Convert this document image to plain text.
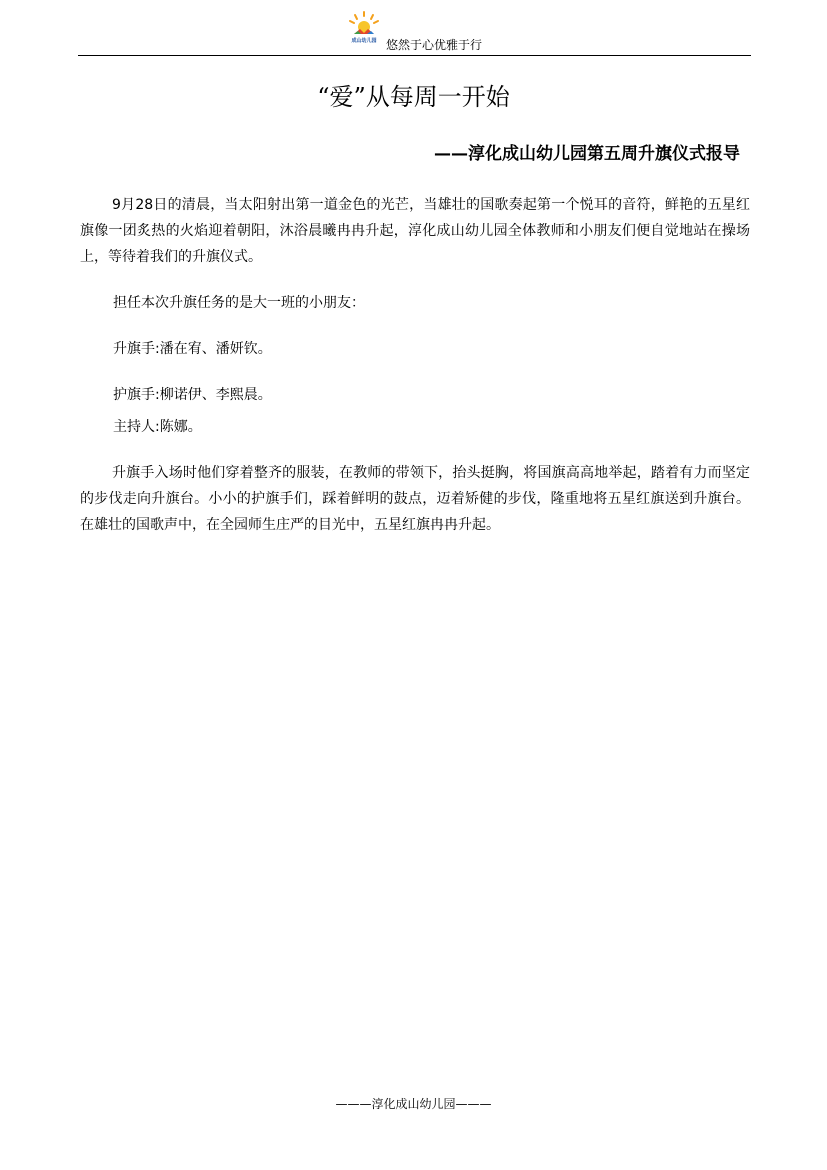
成山幼儿园 悠然于心优雅于行
“爱”从每周一开始
——淳化成山幼儿园第五周升旗仪式报导

9月28日的清晨，当太阳射出第一道金色的光芒，当雄壮的国歌奏起第一个悦耳的音符，鲜艳的五星红旗像一团炙热的火焰迎着朝阳，沐浴晨曦冉冉升起，淳化成山幼儿园全体教师和小朋友们便自觉地站在操场上，等待着我们的升旗仪式。

担任本次升旗任务的是大一班的小朋友：
升旗手:潘在宥、潘妍钦。
护旗手:柳诺伊、李熙晨。
主持人:陈娜。

升旗手入场时他们穿着整齐的服装，在教师的带领下，抬头挺胸，将国旗高高地举起，踏着有力而坚定的步伐走向升旗台。小小的护旗手们，踩着鲜明的鼓点，迈着矫健的步伐，隆重地将五星红旗送到升旗台。在雄壮的国歌声中，在全园师生庄严的目光中，五星红旗冉冉升起。

———淳化成山幼儿园———
